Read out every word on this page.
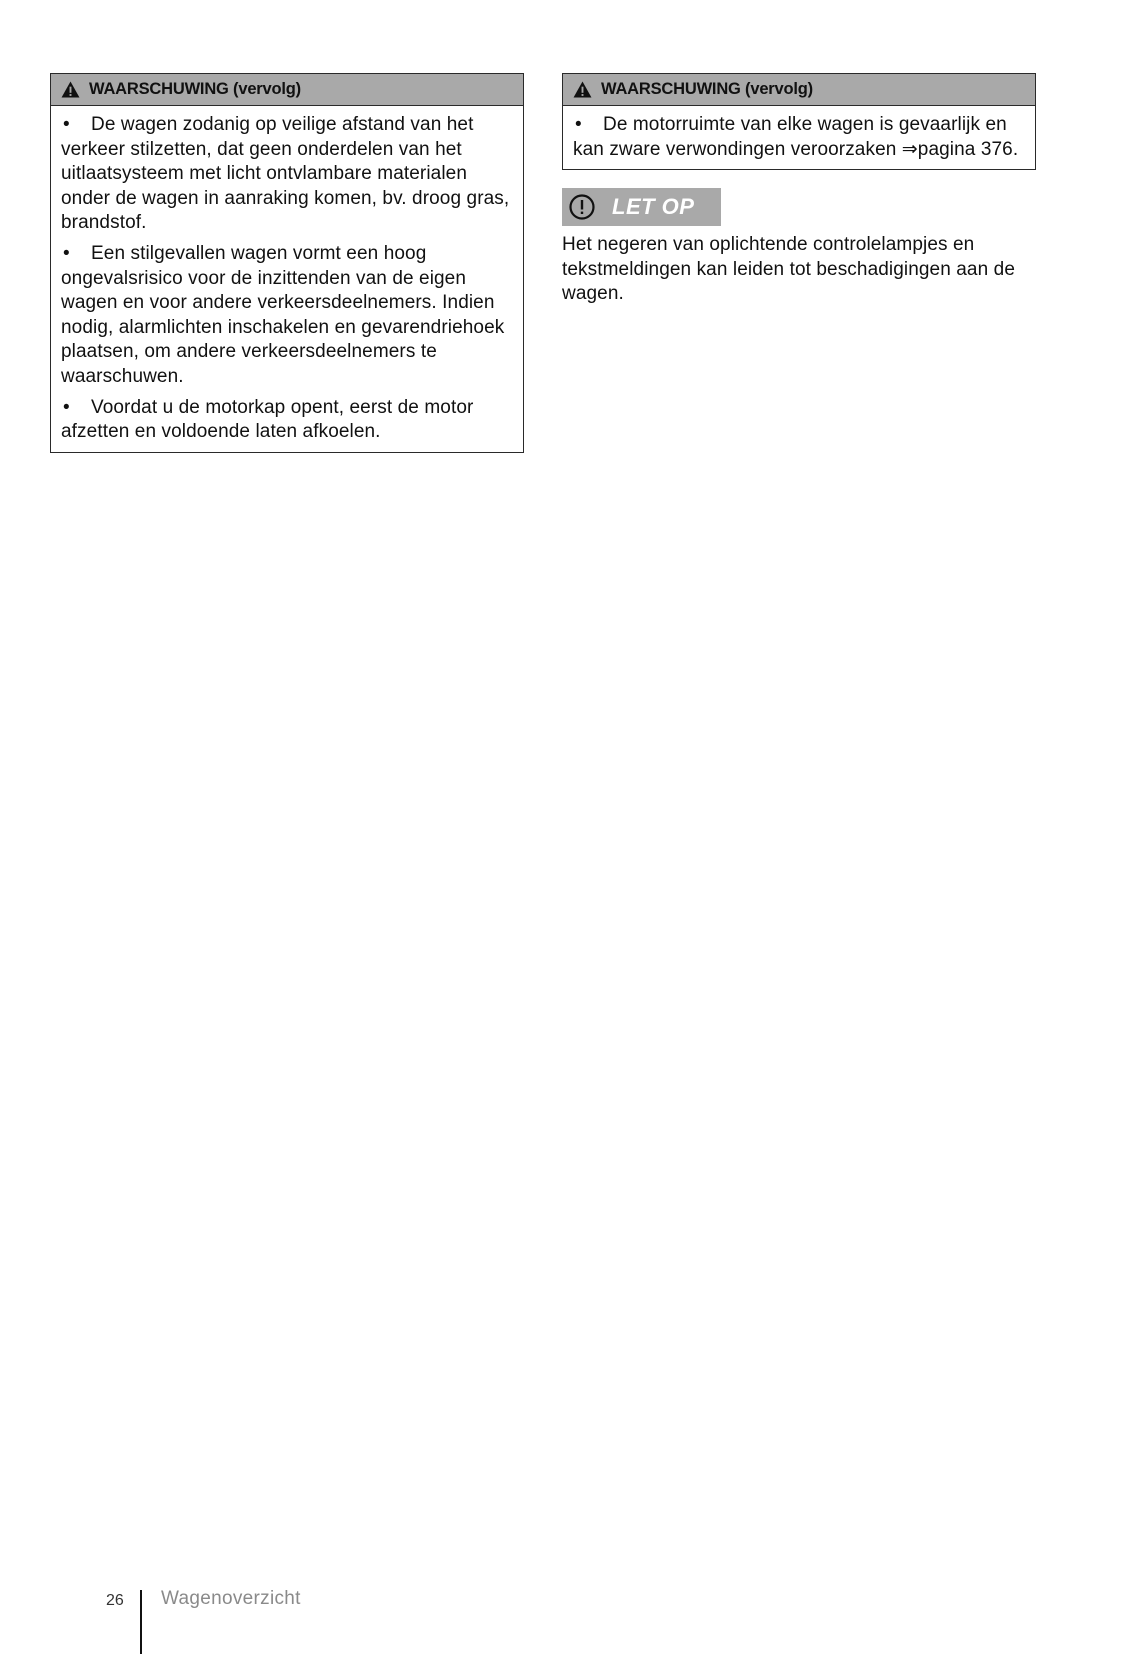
WAARSCHUWING (vervolg)
• De wagen zodanig op veilige afstand van het verkeer stilzetten, dat geen onderdelen van het uitlaatsysteem met licht ontvlambare materialen onder de wagen in aanraking komen, bv. droog gras, brandstof.
• Een stilgevallen wagen vormt een hoog ongevalsrisico voor de inzittenden van de eigen wagen en voor andere verkeersdeelnemers. Indien nodig, alarmlichten inschakelen en gevarendriehoek plaatsen, om andere verkeersdeelnemers te waarschuwen.
• Voordat u de motorkap opent, eerst de motor afzetten en voldoende laten afkoelen.
WAARSCHUWING (vervolg)
• De motorruimte van elke wagen is gevaarlijk en kan zware verwondingen veroorzaken ⇒pagina 376.
LET OP
Het negeren van oplichtende controlelampjes en tekstmeldingen kan leiden tot beschadigingen aan de wagen.
26 Wagenoverzicht
